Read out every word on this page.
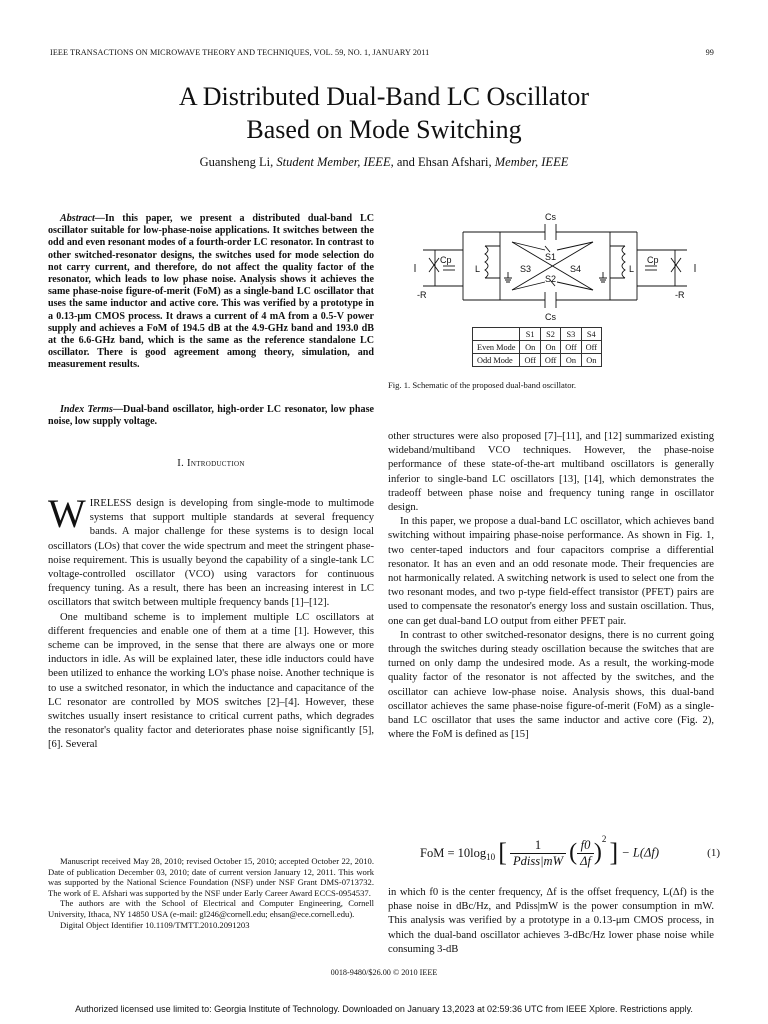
IEEE TRANSACTIONS ON MICROWAVE THEORY AND TECHNIQUES, VOL. 59, NO. 1, JANUARY 2011	99
A Distributed Dual-Band LC Oscillator
Based on Mode Switching
Guansheng Li, Student Member, IEEE, and Ehsan Afshari, Member, IEEE

Abstract—In this paper, we present a distributed dual-band LC oscillator suitable for low-phase-noise applications. It switches between the odd and even resonant modes of a fourth-order LC resonator. In contrast to other switched-resonator designs, the switches used for mode selection do not carry current, and therefore, do not affect the quality factor of the resonator, which leads to low phase noise. Analysis shows it achieves the same phase-noise figure-of-merit (FoM) as a single-band LC oscillator that uses the same inductor and active core. This was verified by a prototype in a 0.13-μm CMOS process. It draws a current of 4 mA from a 0.5-V power supply and achieves a FoM of 194.5 dB at the 4.9-GHz band and 193.0 dB at the 6.6-GHz band, which is the same as the reference standalone LC oscillator. There is good agreement among theory, simulation, and measurement results.

Index Terms—Dual-band oscillator, high-order LC resonator, low phase noise, low supply voltage.

I. Introduction

WIRELESS design is developing from single-mode to multimode systems that support multiple standards at several frequency bands. A major challenge for these systems is to design local oscillators (LOs) that cover the wide spectrum and meet the stringent phase-noise requirement. This is usually beyond the capability of a single-tank LC voltage-controlled oscillator (VCO) using varactors for continuous frequency tuning. As a result, there has been an increasing interest in LC oscillators that switch between multiple frequency bands [1]–[12].

One multiband scheme is to implement multiple LC oscillators at different frequencies and enable one of them at a time [1]. However, this scheme can be improved, in the sense that there are always one or more inductors in idle. As will be explained later, these idle inductors could have been utilized to enhance the working LO's phase noise. Another technique is to use a switched resonator, in which the inductance and capacitance of the LC resonator are controlled by MOS switches [2]–[4]. However, these switches usually insert resistance to critical current paths, which degrades the resonator's quality factor and deteriorates phase noise significantly [5], [6]. Several

Manuscript received May 28, 2010; revised October 15, 2010; accepted October 22, 2010. Date of publication December 03, 2010; date of current version January 12, 2011. This work was supported by the National Science Foundation (NSF) under NSF Grant DMS-0713732. The work of E. Afshari was supported by the NSF under Early Career Award ECCS-0954537.

The authors are with the School of Electrical and Computer Engineering, Cornell University, Ithaca, NY 14850 USA (e-mail: gl246@cornell.edu; ehsan@ece.cornell.edu).

Digital Object Identifier 10.1109/TMTT.2010.2091203

Cs
Cs
Cp	Cp
L	L
S1
S2
S3	S4
-R	-R
	S1	S2	S3	S4
Even Mode	On	On	Off	Off
Odd Mode	Off	Off	On	On
Fig. 1. Schematic of the proposed dual-band oscillator.

other structures were also proposed [7]–[11], and [12] summarized existing wideband/multiband VCO techniques. However, the phase-noise performance of these state-of-the-art multiband oscillators is generally inferior to single-band LC oscillators [13], [14], which demonstrates the tradeoff between phase noise and frequency tuning range in oscillator design.

In this paper, we propose a dual-band LC oscillator, which achieves band switching without impairing phase-noise performance. As shown in Fig. 1, two center-taped inductors and four capacitors comprise a differential resonator. It has an even and an odd resonate mode. Their frequencies are not harmonically related. A switching network is used to select one from the two resonant modes, and two p-type field-effect transistor (PFET) pairs are used to compensate the resonator's energy loss and sustain oscillation. Thus, one can get dual-band LO output from either PFET pair.

In contrast to other switched-resonator designs, there is no current going through the switches during steady oscillation because the switches that are turned on only damp the undesired mode. As a result, the working-mode quality factor of the resonator is not affected by the switches, and the oscillator can achieve low-phase noise. Analysis shows, this dual-band oscillator achieves the same phase-noise figure-of-merit (FoM) as a single-band LC oscillator that uses the same inductor and active core (Fig. 2), where the FoM is defined as [15]

FoM = $10\log_{10}$ [ $\frac{1}{\text{Pdiss|mW}}$ ( $\frac{f0}{\Delta f} )^2$ ] − L(Δf)	(1)

in which f0 is the center frequency, Δf is the offset frequency, L(Δf) is the phase noise in dBc/Hz, and Pdiss|mW is the power consumption in mW. This analysis was verified by a prototype in a 0.13-μm CMOS process, in which the dual-band oscillator achieves 3-dBc/Hz lower phase noise while consuming 3-dB

0018-9480/$26.00 © 2010 IEEE
Authorized licensed use limited to: Georgia Institute of Technology. Downloaded on January 13,2023 at 02:59:36 UTC from IEEE Xplore. Restrictions apply.
